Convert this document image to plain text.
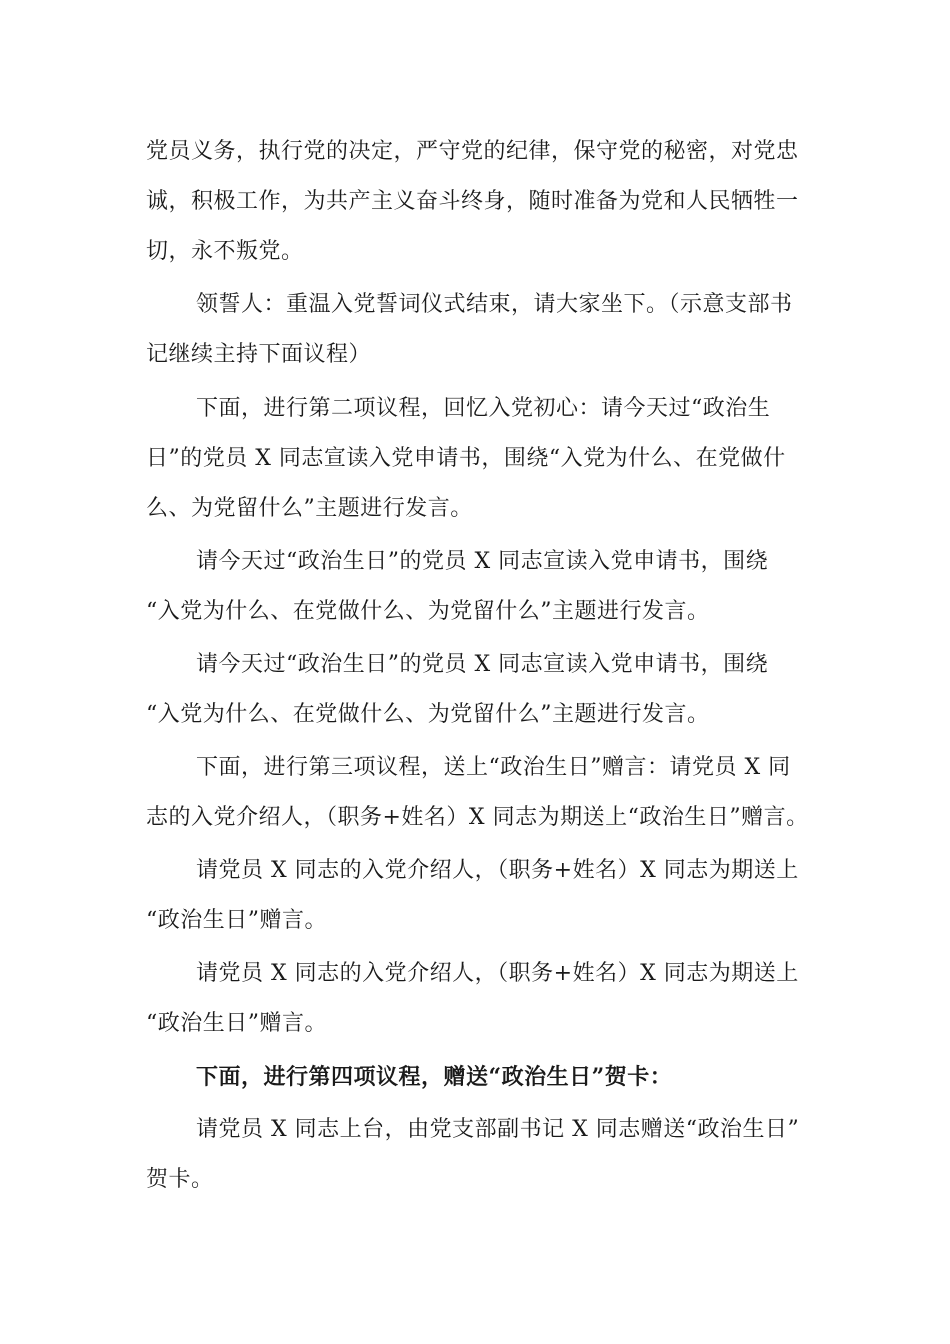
党员义务，执行党的决定，严守党的纪律，保守党的秘密，对党忠
诚，积极工作，为共产主义奋斗终身，随时准备为党和人民牺牲一
切，永不叛党。
领誓人：重温入党誓词仪式结束，请大家坐下。（示意支部书
记继续主持下面议程）
下面，进行第二项议程，回忆入党初心：请今天过“政治生
日”的党员 X 同志宣读入党申请书，围绕“入党为什么、在党做什
么、为党留什么”主题进行发言。
请今天过“政治生日”的党员 X 同志宣读入党申请书，围绕
“入党为什么、在党做什么、为党留什么”主题进行发言。
请今天过“政治生日”的党员 X 同志宣读入党申请书，围绕
“入党为什么、在党做什么、为党留什么”主题进行发言。
下面，进行第三项议程，送上“政治生日”赠言：请党员 X 同
志的入党介绍人，（职务+姓名）X 同志为期送上“政治生日”赠言。
请党员 X 同志的入党介绍人，（职务+姓名）X 同志为期送上
“政治生日”赠言。
请党员 X 同志的入党介绍人，（职务+姓名）X 同志为期送上
“政治生日”赠言。
下面，进行第四项议程，赠送“政治生日”贺卡：
请党员 X 同志上台，由党支部副书记 X 同志赠送“政治生日”
贺卡。
